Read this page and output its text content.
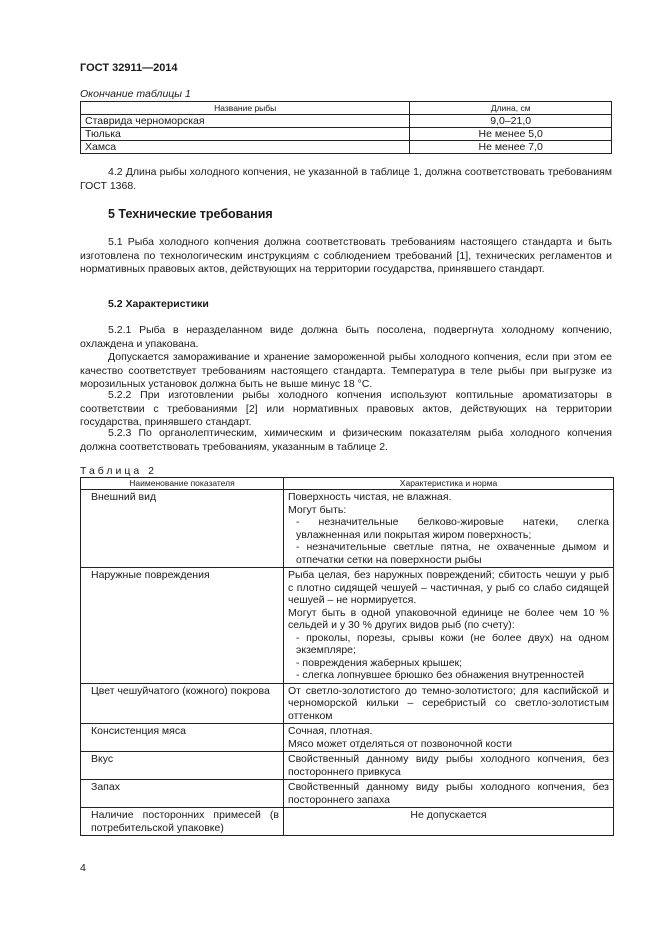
ГОСТ 32911—2014
Окончание таблицы 1
Название рыбы	Длина, см
Ставрида черноморская	9,0–21,0
Тюлька	Не менее 5,0
Хамса	Не менее 7,0

4.2 Длина рыбы холодного копчения, не указанной в таблице 1, должна соответствовать требованиям ГОСТ 1368.

5 Технические требования

5.1 Рыба холодного копчения должна соответствовать требованиям настоящего стандарта и быть изготовлена по технологическим инструкциям с соблюдением требований [1], технических регламентов и нормативных правовых актов, действующих на территории государства, принявшего стандарт.

5.2 Характеристики

5.2.1 Рыба в неразделанном виде должна быть посолена, подвергнута холодному копчению, охлаждена и упакована.

Допускается замораживание и хранение замороженной рыбы холодного копчения, если при этом ее качество соответствует требованиям настоящего стандарта. Температура в теле рыбы при выгрузке из морозильных установок должна быть не выше минус 18 °С.

5.2.2 При изготовлении рыбы холодного копчения используют коптильные ароматизаторы в соответствии с требованиями [2] или нормативных правовых актов, действующих на территории государства, принявшего стандарт.

5.2.3 По органолептическим, химическим и физическим показателям рыба холодного копчения должна соответствовать требованиям, указанным в таблице 2.

Таблица 2
Наименование показателя	Характеристика и норма
Внешний вид	Поверхность чистая, не влажная.
Могут быть:
- незначительные белково-жировые натеки, слегка увлажненная или покрытая жиром поверхность;
- незначительные светлые пятна, не охваченные дымом и отпечатки сетки на поверхности рыбы

Наружные повреждения	Рыба целая, без наружных повреждений; сбитость чешуи у рыб с плотно сидящей чешуей – частичная, у рыб со слабо сидящей чешуей – не нормируется.
Могут быть в одной упаковочной единице не более чем 10 % сельдей и у 30 % других видов рыб (по счету):
- проколы, порезы, срывы кожи (не более двух) на одном экземпляре;
- повреждения жаберных крышек;
- слегка лопнувшее брюшко без обнажения внутренностей

Цвет чешуйчатого (кожного) покрова	От светло-золотистого до темно-золотистого; для каспийской и черноморской кильки – серебристый со светло-золотистым оттенком
Консистенция мяса	Сочная, плотная.
Мясо может отделяться от позвоночной кости

Вкус	Свойственный данному виду рыбы холодного копчения, без постороннего привкуса
Запах	Свойственный данному виду рыбы холодного копчения, без постороннего запаха
Наличие посторонних примесей (в потребительской упаковке)	Не допускается
4
